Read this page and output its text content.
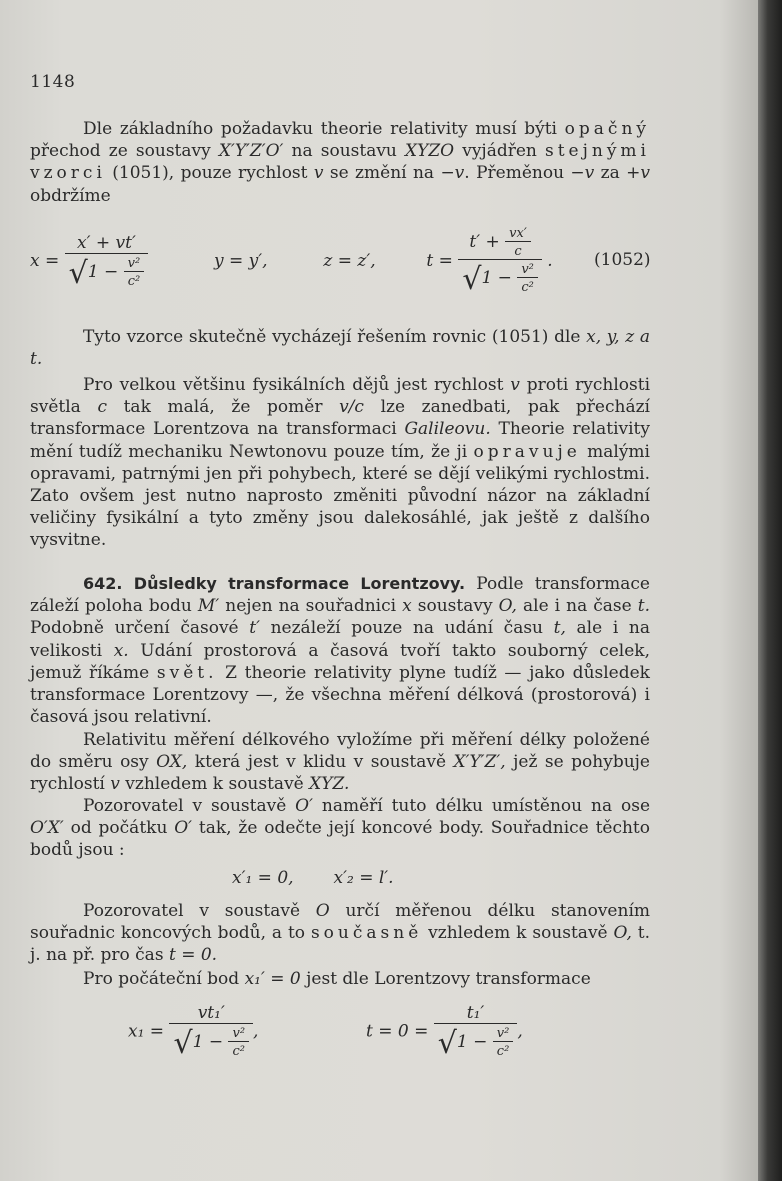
1148
Dle základního požadavku theorie relativity musí býti opačný přechod ze soustavy X′Y′Z′O′ na soustavu XYZO vyjádřen stejnými vzorci (1051), pouze rychlost v se změní na −v. Přeměnou −v za +v obdržíme
$x = \frac{x' + vt'}{√1 - \frac{\text{v²}}{\text{c²}}}$	y = y′,	z = z′,	$t = \frac{t' + \frac{vx'}{c}}{√1 - \frac{\text{v²}}{\text{c²}}}$ . (1052)
Tyto vzorce skutečně vycházejí řešením rovnic (1051) dle x, y, z a t.
Pro velkou většinu fysikálních dějů jest rychlost v proti rychlosti světla c tak malá, že poměr v/c lze zanedbati, pak přechází transformace Lorentzova na transformaci Galileovu. Theorie relativity mění tudíž mechaniku Newtonovu pouze tím, že ji opravuje malými opravami, patrnými jen při pohybech, které se dějí velikými rychlostmi. Zato ovšem jest nutno naprosto změniti původní názor na základní veličiny fysikální a tyto změny jsou dalekosáhlé, jak ještě z dalšího vysvitne.
642. Důsledky transformace Lorentzovy. Podle transformace záleží poloha bodu M′ nejen na souřadnici x soustavy O, ale i na čase t. Podobně určení časové t′ nezáleží pouze na udání času t, ale i na velikosti x. Udání prostorová a časová tvoří takto souborný celek, jemuž říkáme svět. Z theorie relativity plyne tudíž — jako důsledek transformace Lorentzovy —, že všechna měření délková (prostorová) i časová jsou relativní.
Relativitu měření délkového vyložíme při měření délky položené do směru osy OX, která jest v klidu v soustavě X′Y′Z′, jež se pohybuje rychlostí v vzhledem k soustavě XYZ.
Pozorovatel v soustavě O′ naměří tuto délku umístěnou na ose O′X′ od počátku O′ tak, že odečte její koncové body. Souřadnice těchto bodů jsou :
x′₁ = 0, x′₂ = l′.
Pozorovatel v soustavě O určí měřenou délku stanovením souřadnic koncových bodů, a to současně vzhledem k soustavě O, t. j. na př. pro čas t = 0.
Pro počáteční bod x₁′ = 0 jest dle Lorentzovy transformace
$x_1 = \frac{\text{vt₁′}}{√1 - \frac{\text{v²}}{\text{c²}}}$ ,	$t = 0 = \frac{\text{t₁′}}{√1 - \frac{\text{v²}}{\text{c²}}}$ ,
